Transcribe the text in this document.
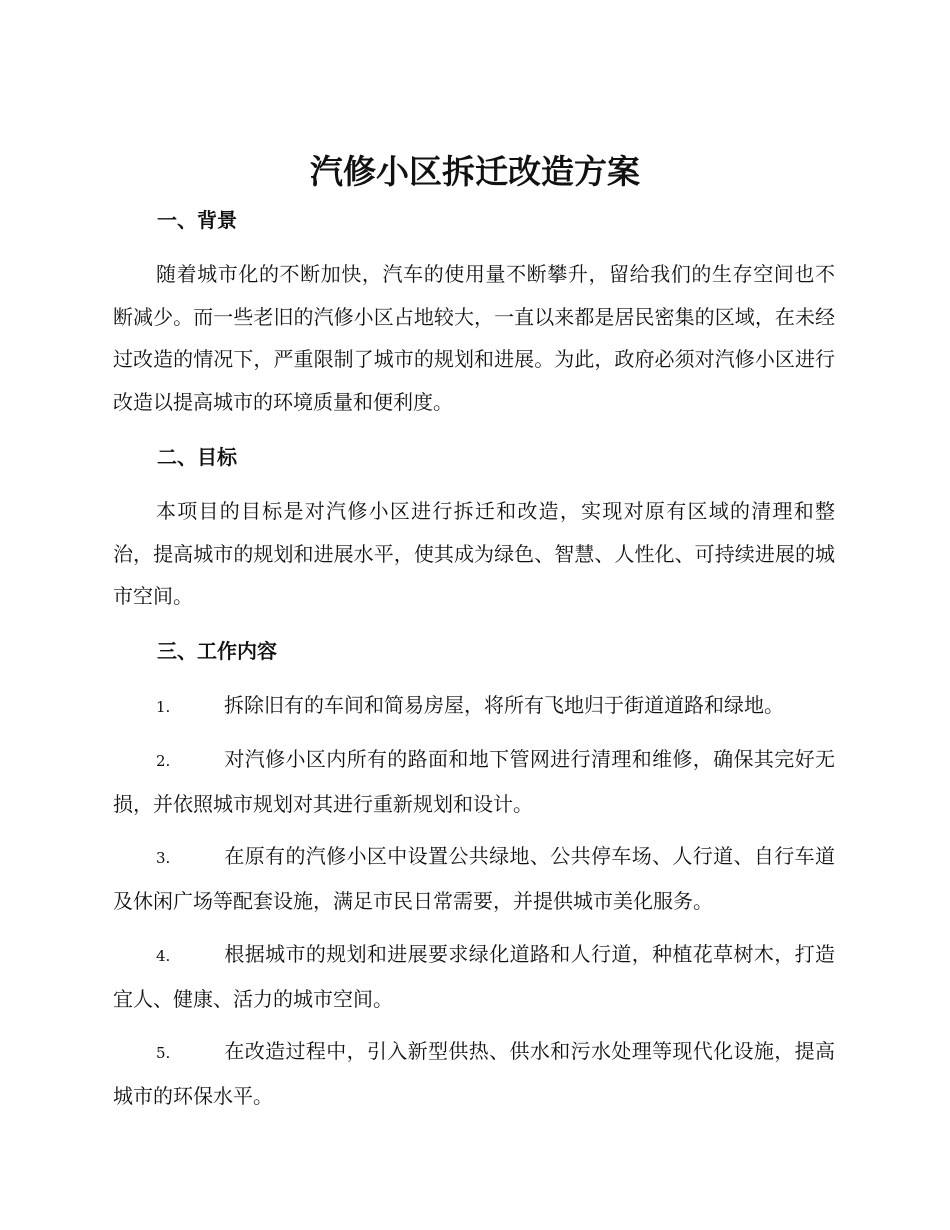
汽修小区拆迁改造方案
一、背景

随着城市化的不断加快，汽车的使用量不断攀升，留给我们的生存空间也不断减少。而一些老旧的汽修小区占地较大，一直以来都是居民密集的区域，在未经过改造的情况下，严重限制了城市的规划和进展。为此，政府必须对汽修小区进行改造以提高城市的环境质量和便利度。

二、目标

本项目的目标是对汽修小区进行拆迁和改造，实现对原有区域的清理和整治，提高城市的规划和进展水平，使其成为绿色、智慧、人性化、可持续进展的城市空间。

三、工作内容

1.	拆除旧有的车间和简易房屋，将所有飞地归于街道道路和绿地。

2.	对汽修小区内所有的路面和地下管网进行清理和维修，确保其完好无损，并依照城市规划对其进行重新规划和设计。

3.	在原有的汽修小区中设置公共绿地、公共停车场、人行道、自行车道及休闲广场等配套设施，满足市民日常需要，并提供城市美化服务。

4.	根据城市的规划和进展要求绿化道路和人行道，种植花草树木，打造宜人、健康、活力的城市空间。

5.	在改造过程中，引入新型供热、供水和污水处理等现代化设施，提高城市的环保水平。
